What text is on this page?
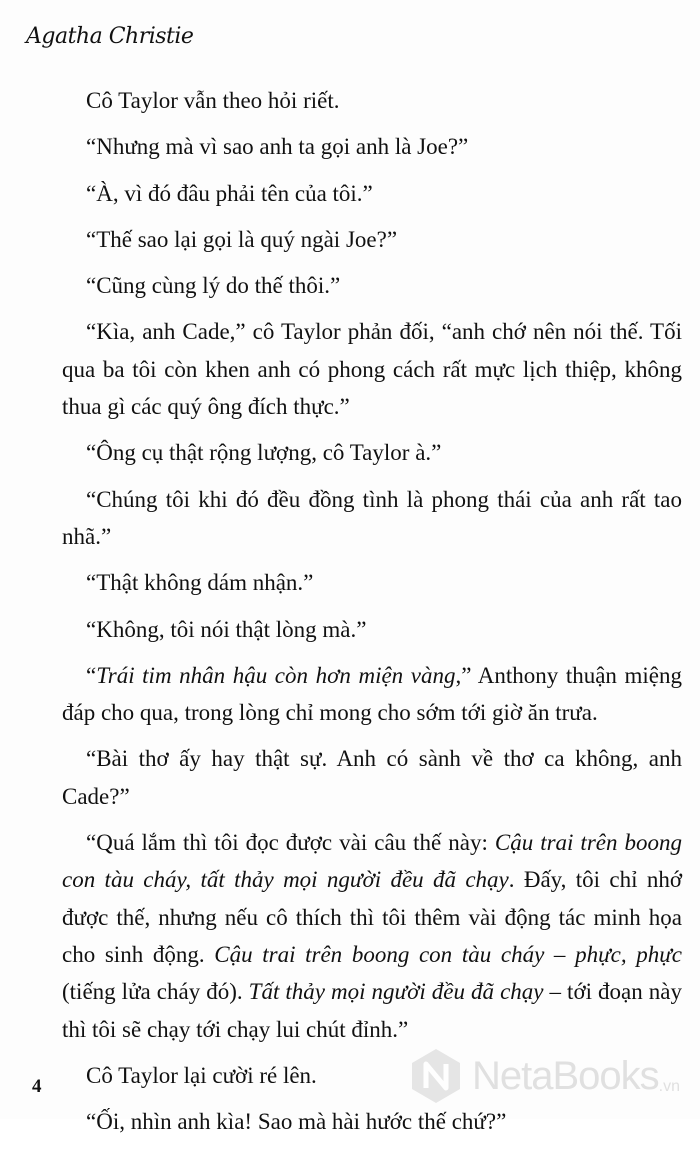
Agatha Christie

Cô Taylor vẫn theo hỏi riết.

“Nhưng mà vì sao anh ta gọi anh là Joe?”

“À, vì đó đâu phải tên của tôi.”

“Thế sao lại gọi là quý ngài Joe?”

“Cũng cùng lý do thế thôi.”

“Kìa, anh Cade,” cô Taylor phản đối, “anh chớ nên nói thế. Tối qua ba tôi còn khen anh có phong cách rất mực lịch thiệp, không thua gì các quý ông đích thực.”

“Ông cụ thật rộng lượng, cô Taylor à.”

“Chúng tôi khi đó đều đồng tình là phong thái của anh rất tao nhã.”

“Thật không dám nhận.”

“Không, tôi nói thật lòng mà.”

“Trái tim nhân hậu còn hơn miện vàng,” Anthony thuận miệng đáp cho qua, trong lòng chỉ mong cho sớm tới giờ ăn trưa.

“Bài thơ ấy hay thật sự. Anh có sành về thơ ca không, anh Cade?”

“Quá lắm thì tôi đọc được vài câu thế này: Cậu trai trên boong con tàu cháy, tất thảy mọi người đều đã chạy. Đấy, tôi chỉ nhớ được thế, nhưng nếu cô thích thì tôi thêm vài động tác minh họa cho sinh động. Cậu trai trên boong con tàu cháy – phực, phực (tiếng lửa cháy đó). Tất thảy mọi người đều đã chạy – tới đoạn này thì tôi sẽ chạy tới chạy lui chút đỉnh.”

Cô Taylor lại cười ré lên.

“Ối, nhìn anh kìa! Sao mà hài hước thế chứ?”

4	NetaBooks .vn
